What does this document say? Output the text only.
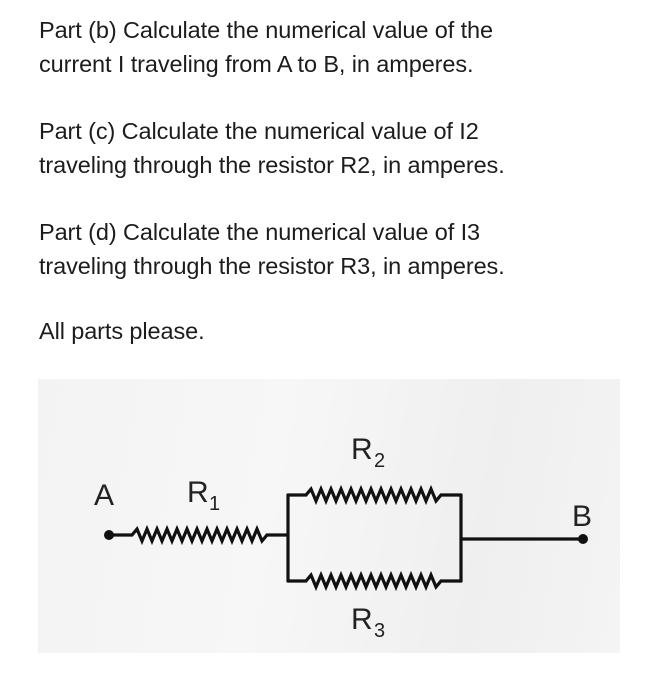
Part (b) Calculate the numerical value of the
current I traveling from A to B, in amperes.
Part (c) Calculate the numerical value of I2
traveling through the resistor R2, in amperes.
Part (d) Calculate the numerical value of I3
traveling through the resistor R3, in amperes.
All parts please.
A
B
R 1
R 2
R 3
